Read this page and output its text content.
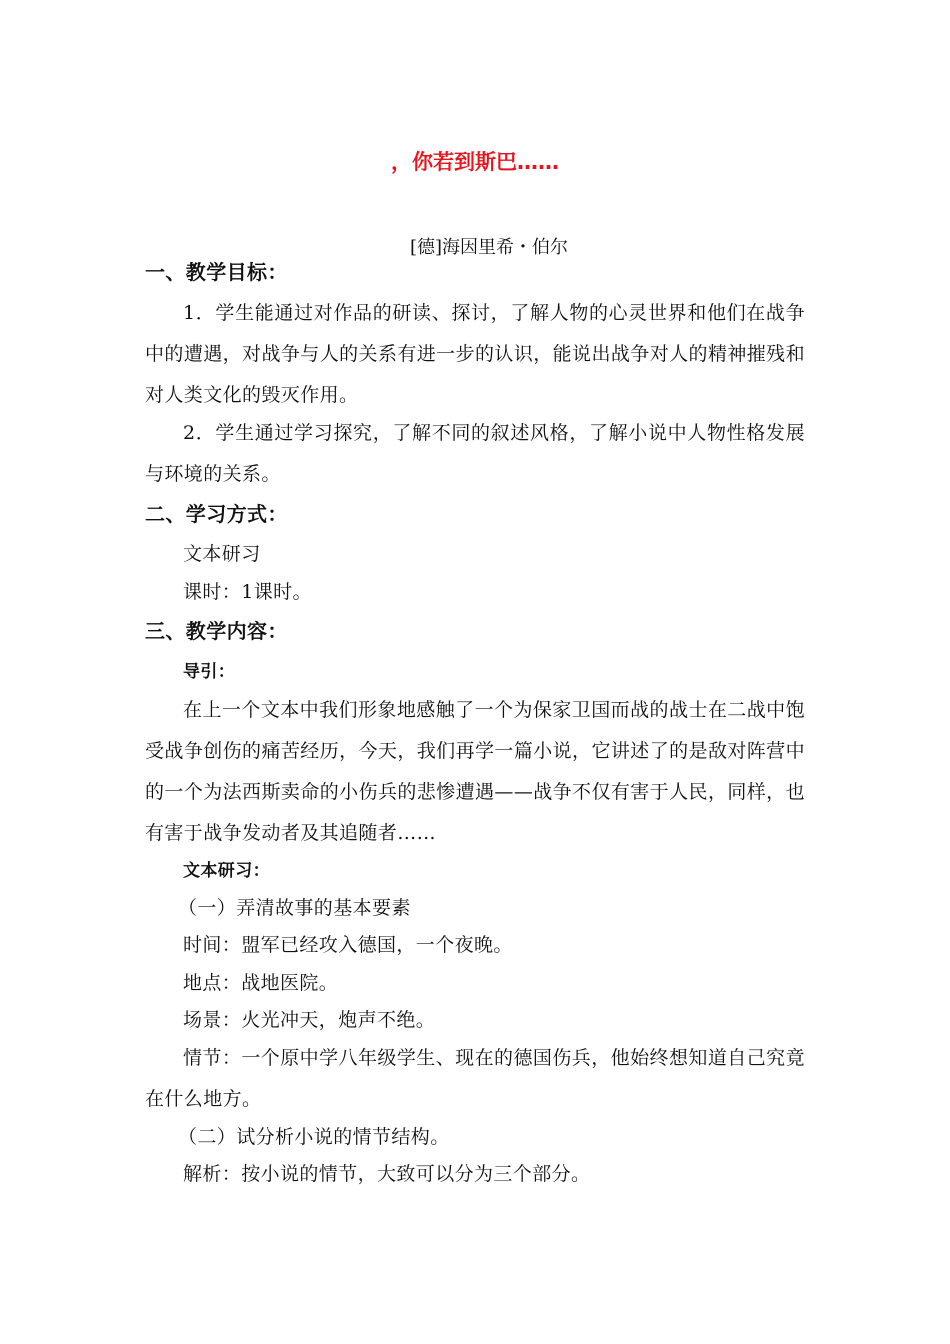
，你若到斯巴……
[德]海因里希・伯尔
一、教学目标：
1．学生能通过对作品的研读、探讨，了解人物的心灵世界和他们在战争中的遭遇，对战争与人的关系有进一步的认识，能说出战争对人的精神摧残和对人类文化的毁灭作用。
2．学生通过学习探究，了解不同的叙述风格，了解小说中人物性格发展与环境的关系。
二、学习方式：
文本研习
课时：1课时。
三、教学内容：
导引：
在上一个文本中我们形象地感触了一个为保家卫国而战的战士在二战中饱受战争创伤的痛苦经历，今天，我们再学一篇小说，它讲述了的是敌对阵营中的一个为法西斯卖命的小伤兵的悲惨遭遇——战争不仅有害于人民，同样，也有害于战争发动者及其追随者……
文本研习：
（一）弄清故事的基本要素
时间：盟军已经攻入德国，一个夜晚。
地点：战地医院。
场景：火光冲天，炮声不绝。
情节：一个原中学八年级学生、现在的德国伤兵，他始终想知道自己究竟在什么地方。
（二）试分析小说的情节结构。
解析：按小说的情节，大致可以分为三个部分。
